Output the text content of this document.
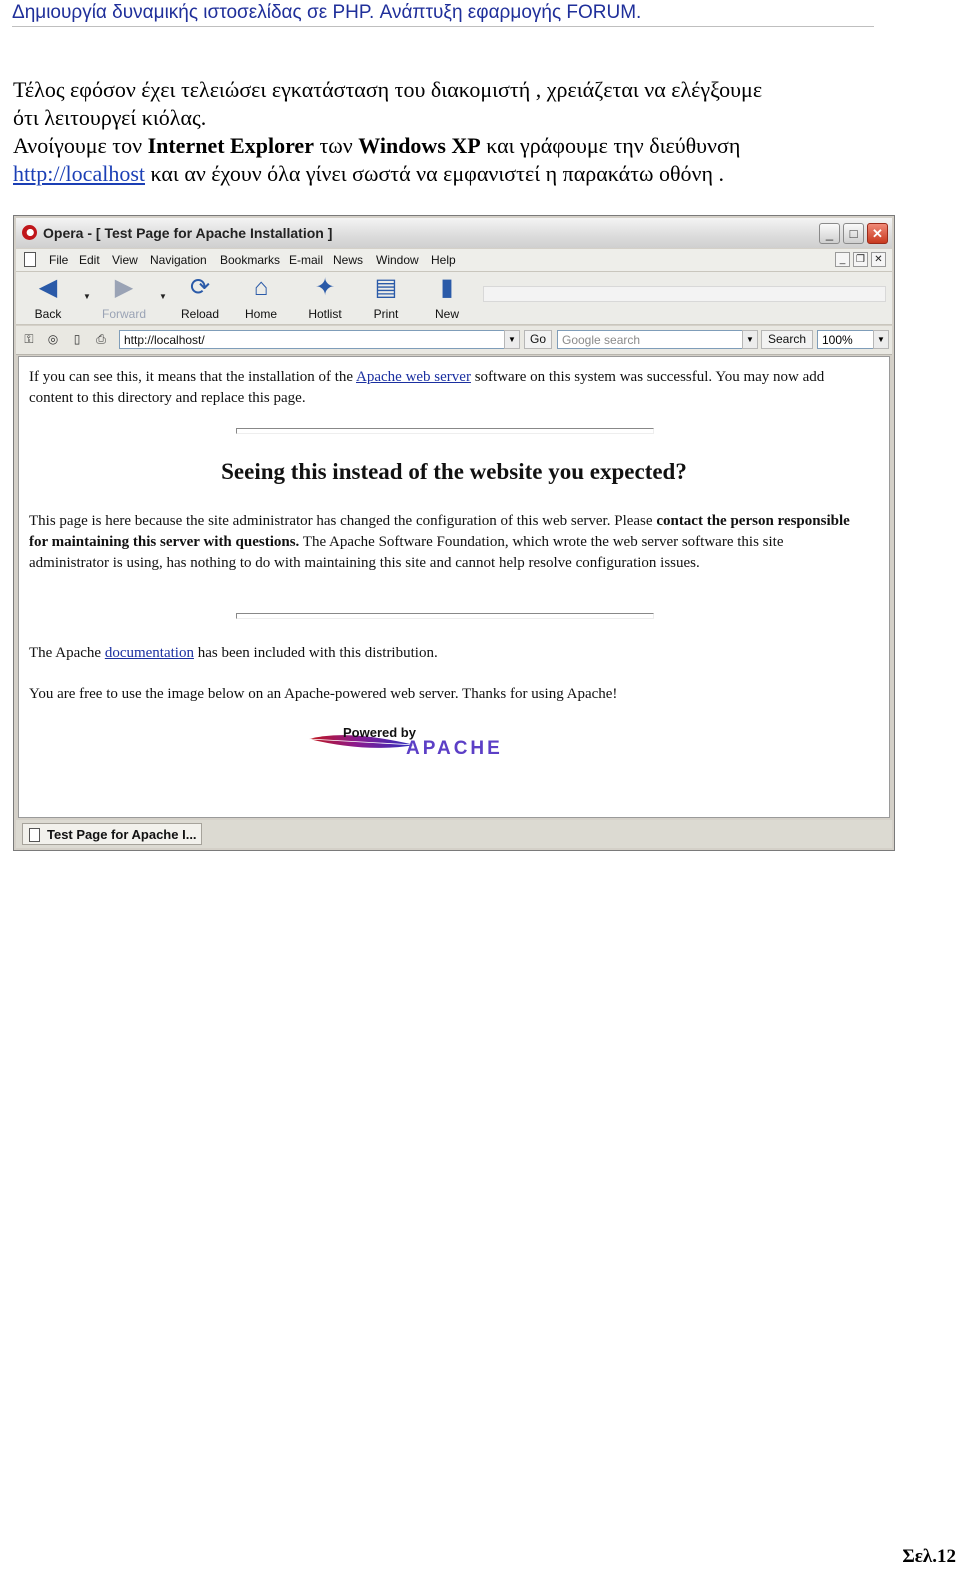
Δημιουργία δυναμικής ιστοσελίδας σε PHP. Ανάπτυξη εφαρμογής FORUM.
Τέλος εφόσον έχει τελειώσει εγκατάσταση του διακομιστή , χρειάζεται να ελέγξουμε
ότι λειτουργεί κιόλας.
Ανοίγουμε τον Internet Explorer των Windows XP και γράφουμε την διεύθυνση
http://localhost και αν έχουν όλα γίνει σωστά να εμφανιστεί η παρακάτω οθόνη .
Opera - [ Test Page for Apache Installation ]	_	□	✕
File Edit View Navigation Bookmarks E-mail News Window Help	_	❐ ✕
◀
Back
▼ ▶
Forward
▼ ⟳
Reload
⌂
Home
✦
Hotlist
▤
Print
▮
New
⚿ ◎	▯	⎙	http://localhost/	▼	Go	Google search	▼	Search	100%	▼

If you can see this, it means that the installation of the Apache web server software on this system was successful. You may now add content to this directory and replace this page.

Seeing this instead of the website you expected?

This page is here because the site administrator has changed the configuration of this web server. Please contact the person responsible for maintaining this server with questions. The Apache Software Foundation, which wrote the web server software this site administrator is using, has nothing to do with maintaining this site and cannot help resolve configuration issues.

The Apache documentation has been included with this distribution.

You are free to use the image below on an Apache-powered web server. Thanks for using Apache!

Powered by
APACHE
Test Page for Apache I...
Σελ.12
